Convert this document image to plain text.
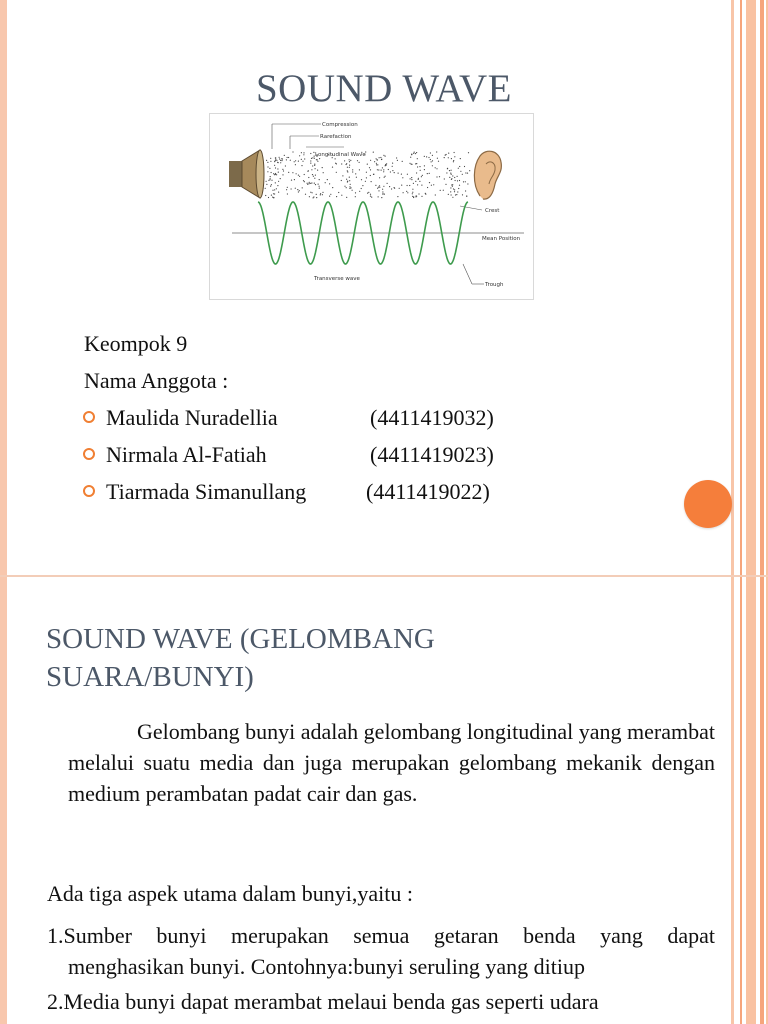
SOUND WAVE
Compression
Rarefaction
Longitudinal Wave
Crest
Mean Position
Transverse wave
Trough
Keompok 9
Nama Anggota :
Maulida Nuradellia	(4411419032)
Nirmala Al-Fatiah	(4411419023)
Tiarmada Simanullang	(4411419022)
SOUND WAVE (GELOMBANG
SUARA/BUNYI)
Gelombang bunyi adalah gelombang longitudinal yang merambat melalui suatu media dan juga merupakan gelombang mekanik dengan medium perambatan padat cair dan gas.
Ada tiga aspek utama dalam bunyi,yaitu :
1.Sumber bunyi merupakan semua getaran benda yang dapat
menghasikan bunyi. Contohnya:bunyi seruling yang ditiup
2.Media bunyi dapat merambat melaui benda gas seperti udara
